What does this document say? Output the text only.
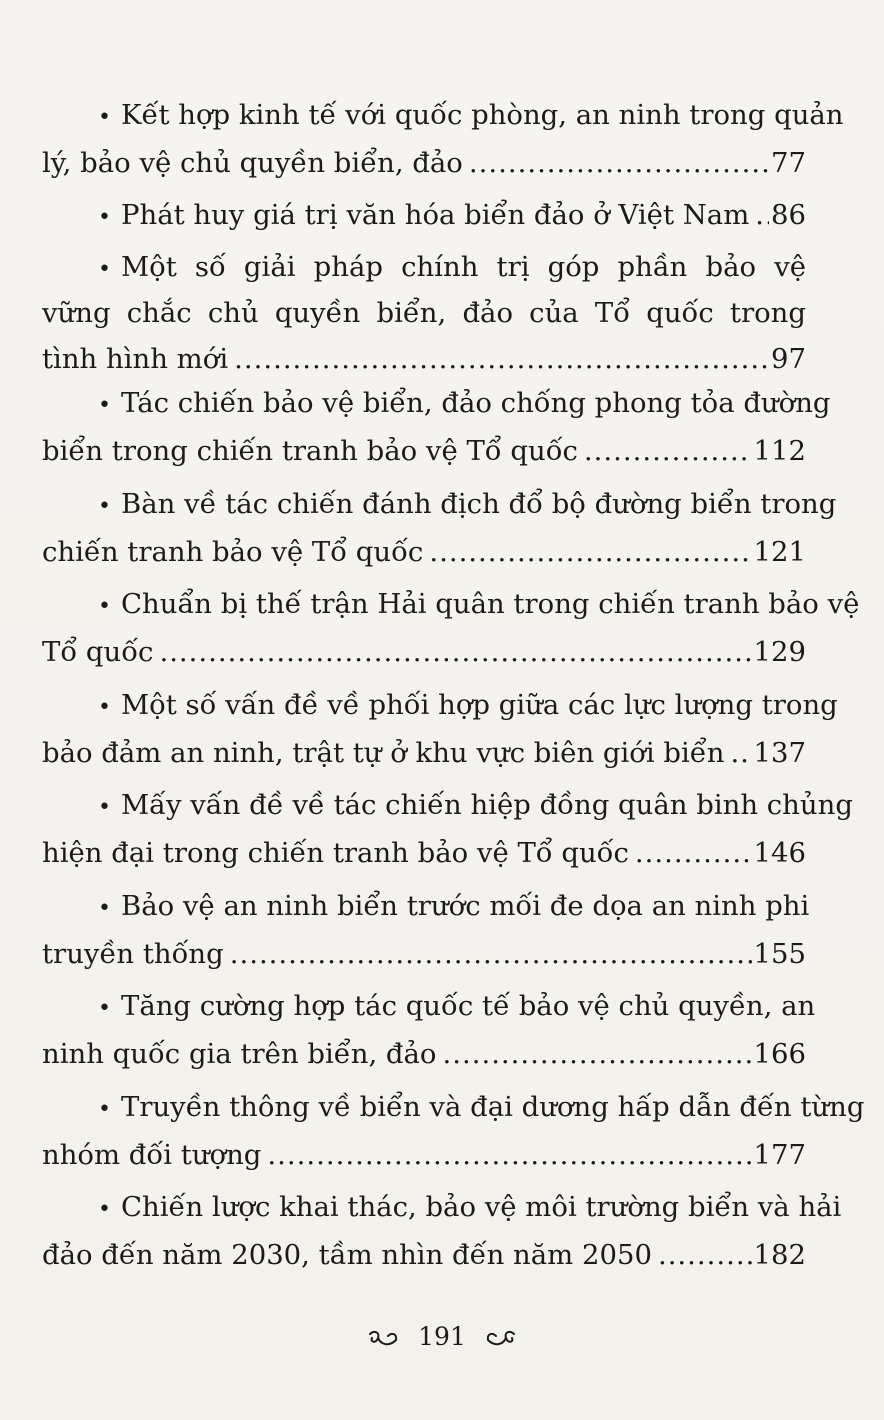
• Kết hợp kinh tế với quốc phòng, an ninh trong quản
lý, bảo vệ chủ quyền biển, đảo .....	77
• Phát huy giá trị văn hóa biển đảo ở Việt Nam ..... 86
• Một số giải pháp chính trị góp phần bảo vệ
vững chắc chủ quyền biển, đảo của Tổ quốc trong
tình hình mới .....	97
• Tác chiến bảo vệ biển, đảo chống phong tỏa đường
biển trong chiến tranh bảo vệ Tổ quốc .....	112
• Bàn về tác chiến đánh địch đổ bộ đường biển trong
chiến tranh bảo vệ Tổ quốc .....	121
• Chuẩn bị thế trận Hải quân trong chiến tranh bảo vệ
Tổ quốc .....	129
• Một số vấn đề về phối hợp giữa các lực lượng trong
bảo đảm an ninh, trật tự ở khu vực biên giới biển ..... 137
• Mấy vấn đề về tác chiến hiệp đồng quân binh chủng
hiện đại trong chiến tranh bảo vệ Tổ quốc .....	146
• Bảo vệ an ninh biển trước mối đe dọa an ninh phi
truyền thống .....	155
• Tăng cường hợp tác quốc tế bảo vệ chủ quyền, an
ninh quốc gia trên biển, đảo .....	166
• Truyền thông về biển và đại dương hấp dẫn đến từng
nhóm đối tượng .....	177
• Chiến lược khai thác, bảo vệ môi trường biển và hải
đảo đến năm 2030, tầm nhìn đến năm 2050 .....	182
191
